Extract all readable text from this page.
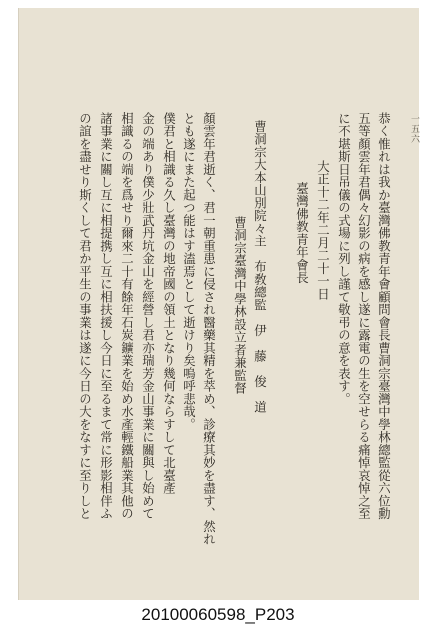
一五六
恭く惟れは我か臺灣佛教青年會顧問會長曹洞宗臺灣中學林總監從六位勳
五等顏雲年君偶々幻影の病を感し遂に露電の生を空せらる痛悼哀悼之至
に不堪斯日吊儀の式場に列し謹て敬弔の意を表す。
大正十二年二月二十一日
臺灣佛教青年會長
曹洞宗大本山別院々主　布敎總監　伊　藤　俊　道
曹洞宗臺灣中學林設立者兼監督
顏雲年君逝く、君一朝重患に侵され醫藥其精を萃め、診療其妙を盡す、然れ
とも遂にまた起つ能はす溘焉として逝けり矣嗚呼悲哉。
僕君と相識る久し臺灣の地帝國の領土となり幾何ならすして北臺產
金の端あり僕少壯武丹坑金山を經營し君亦瑞芳金山事業に關與し始めて
相識るの端を爲せり爾來二十有餘年石炭鑛業を始め水產輕鐵船業其他の
諸事業に關し互に相提携し互に相扶援し今日に至るまて常に形影相伴ふ
の誼を盡せり斯くして君か平生の事業は遂に今日の大をなすに至りしと
20100060598_P203
